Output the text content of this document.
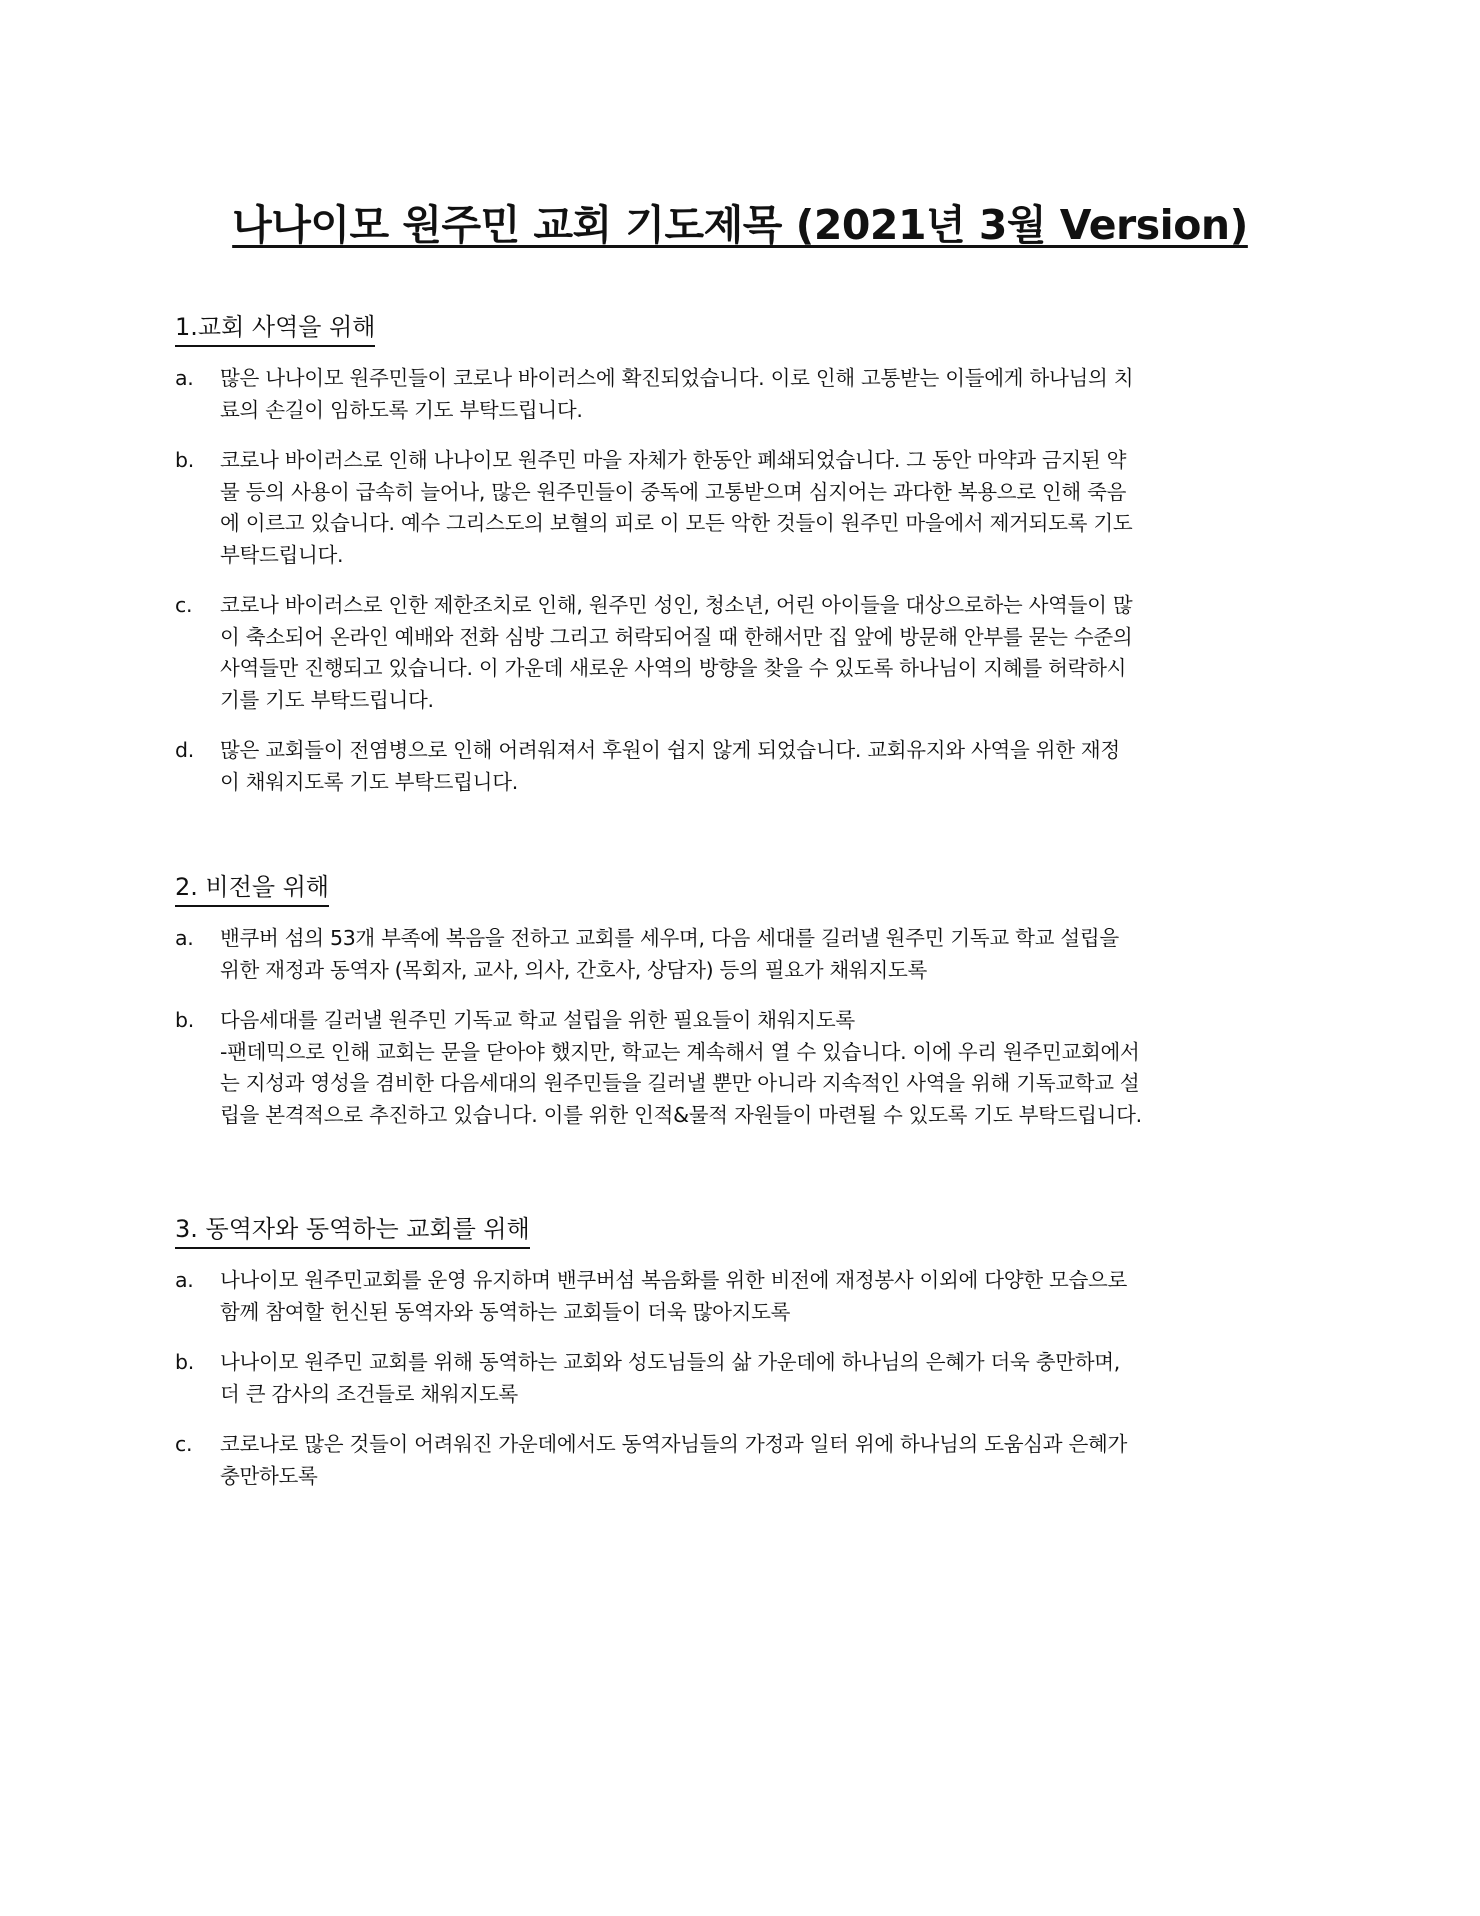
나나이모 원주민 교회 기도제목 (2021년 3월 Version)
1.교회 사역을 위해
a. 많은 나나이모 원주민들이 코로나 바이러스에 확진되었습니다. 이로 인해 고통받는 이들에게 하나님의 치
료의 손길이 임하도록 기도 부탁드립니다.
b. 코로나 바이러스로 인해 나나이모 원주민 마을 자체가 한동안 폐쇄되었습니다. 그 동안 마약과 금지된 약
물 등의 사용이 급속히 늘어나, 많은 원주민들이 중독에 고통받으며 심지어는 과다한 복용으로 인해 죽음
에 이르고 있습니다. 예수 그리스도의 보혈의 피로 이 모든 악한 것들이 원주민 마을에서 제거되도록 기도
부탁드립니다.
c. 코로나 바이러스로 인한 제한조치로 인해, 원주민 성인, 청소년, 어린 아이들을 대상으로하는 사역들이 많
이 축소되어 온라인 예배와 전화 심방 그리고 허락되어질 때 한해서만 집 앞에 방문해 안부를 묻는 수준의
사역들만 진행되고 있습니다. 이 가운데 새로운 사역의 방향을 찾을 수 있도록 하나님이 지혜를 허락하시
기를 기도 부탁드립니다.
d. 많은 교회들이 전염병으로 인해 어려워져서 후원이 쉽지 않게 되었습니다. 교회유지와 사역을 위한 재정
이 채워지도록 기도 부탁드립니다.
2. 비전을 위해
a. 밴쿠버 섬의 53개 부족에 복음을 전하고 교회를 세우며, 다음 세대를 길러낼 원주민 기독교 학교 설립을
위한 재정과 동역자 (목회자, 교사, 의사, 간호사, 상담자) 등의 필요가 채워지도록
b. 다음세대를 길러낼 원주민 기독교 학교 설립을 위한 필요들이 채워지도록
-팬데믹으로 인해 교회는 문을 닫아야 했지만, 학교는 계속해서 열 수 있습니다. 이에 우리 원주민교회에서
는 지성과 영성을 겸비한 다음세대의 원주민들을 길러낼 뿐만 아니라 지속적인 사역을 위해 기독교학교 설
립을 본격적으로 추진하고 있습니다. 이를 위한 인적&물적 자원들이 마련될 수 있도록 기도 부탁드립니다.
3. 동역자와 동역하는 교회를 위해
a. 나나이모 원주민교회를 운영 유지하며 밴쿠버섬 복음화를 위한 비전에 재정봉사 이외에 다양한 모습으로
함께 참여할 헌신된 동역자와 동역하는 교회들이 더욱 많아지도록
b. 나나이모 원주민 교회를 위해 동역하는 교회와 성도님들의 삶 가운데에 하나님의 은혜가 더욱 충만하며,
더 큰 감사의 조건들로 채워지도록
c. 코로나로 많은 것들이 어려워진 가운데에서도 동역자님들의 가정과 일터 위에 하나님의 도움심과 은혜가
충만하도록
